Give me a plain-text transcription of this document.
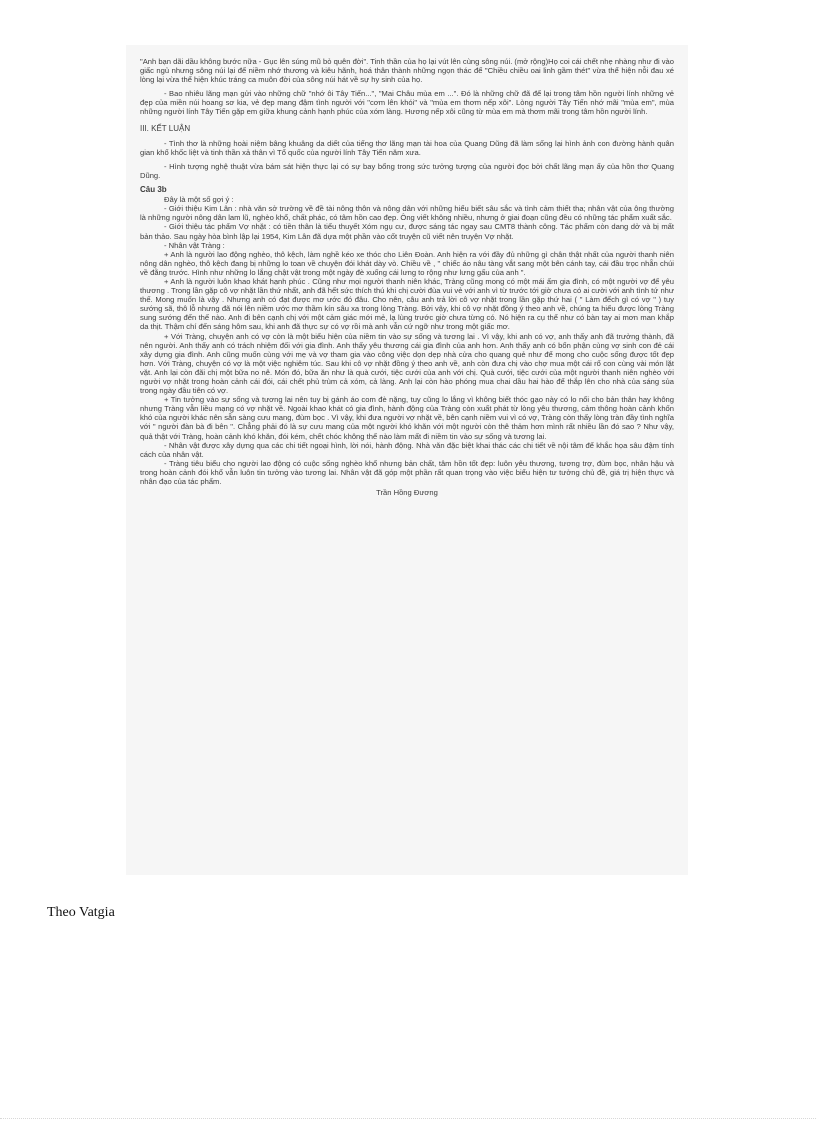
"Anh bạn dãi dầu không bước nữa - Gục lên súng mũ bỏ quên đời". Tinh thần của họ lại vút lên cùng sông núi. (mở rộng)Họ coi cái chết nhẹ nhàng như đi vào giấc ngủ nhưng sông núi lại để niềm nhớ thương và kiêu hãnh, hoá thân thành những ngọn thác để "Chiều chiều oai linh gầm thét" vừa thể hiện nỗi đau xé lòng lại vừa thể hiện khúc tráng ca muôn đời của sông núi hát về sự hy sinh của họ.

- Bao nhiêu lãng mạn gửi vào những chữ "nhớ ôi Tây Tiến...", "Mai Châu mùa em ...". Đó là những chữ đã để lại trong tâm hồn người lính những vẻ đẹp của miền núi hoang sơ kia, vẻ đẹp mang đậm tình người với "cơm lên khói" và "mùa em thơm nếp xôi". Lòng người Tây Tiến nhớ mãi "mùa em", mùa những người lính Tây Tiến gặp em giữa khung cảnh hạnh phúc của xóm làng. Hương nếp xôi cũng từ mùa em mà thơm mãi trong tâm hồn người lính.

III. KẾT LUẬN

- Tình thơ là những hoài niệm bâng khuâng da diết của tiếng thơ lãng mạn tài hoa của Quang Dũng đã làm sống lại hình ảnh con đường hành quân gian khổ khốc liệt và tinh thần xả thân vì Tổ quốc của người lính Tây Tiến năm xưa.

- Hình tượng nghệ thuật vừa bám sát hiện thực lại có sự bay bổng trong sức tưởng tượng của người đọc bởi chất lãng mạn ấy của hồn thơ Quang Dũng.

Câu 3b

Đây là một số gợi ý :

- Giới thiệu Kim Lân : nhà văn sở trường về đề tài nông thôn và nông dân với những hiểu biết sâu sắc và tình cảm thiết tha; nhân vật của ông thường là những người nông dân lam lũ, nghèo khổ, chất phác, có tâm hồn cao đẹp. Ông viết không nhiều, nhưng ở giai đoạn cũng đều có những tác phẩm xuất sắc.

- Giới thiệu tác phẩm Vợ nhặt : có tiền thân là tiểu thuyết Xóm ngụ cư, được sáng tác ngay sau CMT8 thành công. Tác phẩm còn dang dở và bị mất bản thảo. Sau ngày hòa bình lập lại 1954, Kim Lân đã dựa một phần vào cốt truyện cũ viết nên truyện Vợ nhặt.

- Nhân vật Tràng :

+ Anh là người lao động nghèo, thô kệch, làm nghề kéo xe thóc cho Liên Đoàn. Anh hiện ra với đầy đủ những gì chân thật nhất của người thanh niên nông dân nghèo, thô kệch đang bị những lo toan về chuyện đói khát dày vò. Chiều về , " chiếc áo nâu tàng vắt sang một bên cánh tay, cái đầu trọc nhẵn chúi về đằng trước. Hình như những lo lắng chật vật trong một ngày đè xuống cái lưng to rộng như lưng gấu của anh ".

+ Anh là người luôn khao khát hạnh phúc . Cũng như mọi người thanh niên khác, Tràng cũng mong có một mái ấm gia đình, có một người vợ để yêu thương . Trong lần gặp cô vợ nhặt lần thứ nhất, anh đã hết sức thích thú khi chị cười đùa vui vẻ với anh vì từ trước tới giờ chưa có ai cười với anh tình tứ như thế. Mong muốn là vậy . Nhưng anh có đạt được mơ ước đó đâu. Cho nên, câu anh trả lời cô vợ nhặt trong lần gặp thứ hai ( " Làm đếch gì có vợ " ) tuy sướng sã, thô lỗ nhưng đã nói lên niềm ước mơ thầm kín sâu xa trong lòng Tràng. Bởi vậy, khi cô vợ nhặt đồng ý theo anh về, chúng ta hiểu được lòng Tràng sung sướng đến thế nào. Anh đi bên cạnh chị với một cảm giác mới mẻ, lạ lùng trước giờ chưa từng có. Nó hiện ra cụ thể như có bàn tay ai mơn man khắp da thịt. Thậm chí đến sáng hôm sau, khi anh đã thực sự có vợ rồi mà anh vẫn cứ ngỡ như trong một giấc mơ.

+ Với Tràng, chuyện anh có vợ còn là một biểu hiện của niềm tin vào sự sống và tương lai . Vì vậy, khi anh có vợ, anh thấy anh đã trưởng thành, đã nên người. Anh thấy anh có trách nhiệm đối với gia đình. Anh thấy yêu thương cái gia đình của anh hơn. Anh thấy anh có bổn phận cùng vợ sinh con đẻ cái xây dựng gia đình. Anh cũng muốn cùng với mẹ và vợ tham gia vào công việc dọn dẹp nhà cửa cho quang quẻ như để mong cho cuộc sống được tốt đẹp hơn. Với Tràng, chuyện có vợ là một việc nghiêm túc. Sau khi cô vợ nhặt đồng ý theo anh về, anh còn đưa chị vào chợ mua một cái rổ con cùng vài món lặt vặt. Anh lại còn đãi chị một bữa no nê. Món đó, bữa ăn như là quà cưới, tiệc cưới của anh với chị. Quà cưới, tiệc cưới của một người thanh niên nghèo với người vợ nhặt trong hoàn cảnh cái đói, cái chết phủ trùm cả xóm, cả làng. Anh lại còn hào phóng mua chai dầu hai hào để thắp lên cho nhà của sáng sủa trong ngày đầu tiên có vợ.

+ Tin tưởng vào sự sống và tương lai nên tuy bị gánh áo com đè nặng, tuy cũng lo lắng vì không biết thóc gạo này có lo nổi cho bản thân hay không nhưng Tràng vẫn liều mạng có vợ nhặt về. Ngoài khao khát có gia đình, hành động của Tràng còn xuất phát từ lòng yêu thương, cảm thông hoàn cảnh khốn khó của người khác nên sẵn sàng cưu mang, đùm bọc . Vì vậy, khi đưa người vợ nhặt về, bên cạnh niềm vui vì có vợ, Tràng còn thấy lòng tràn đầy tình nghĩa với " người đàn bà đi bên ". Chẳng phải đó là sự cưu mang của một người khó khăn với một người còn thê thảm hơn mình rất nhiều lần đó sao ? Như vậy, quả thật với Tràng, hoàn cảnh khó khăn, đói kém, chết chóc không thể nào làm mất đi niềm tin vào sự sống và tương lai.

- Nhân vật được xây dựng qua các chi tiết ngoại hình, lời nói, hành động. Nhà văn đặc biệt khai thác các chi tiết về nội tâm để khắc họa sâu đậm tính cách của nhân vật.

- Tràng tiêu biểu cho người lao động có cuộc sống nghèo khổ nhưng bản chất, tâm hồn tốt đẹp: luôn yêu thương, tương trợ, đùm bọc, nhân hậu và trong hoàn cảnh đói khổ vẫn luôn tin tưởng vào tương lai. Nhân vật đã góp một phần rất quan trọng vào việc biểu hiện tư tưởng chủ đề, giá trị hiện thực và nhân đạo của tác phẩm.

Trần Hồng Đương

Theo Vatgia
